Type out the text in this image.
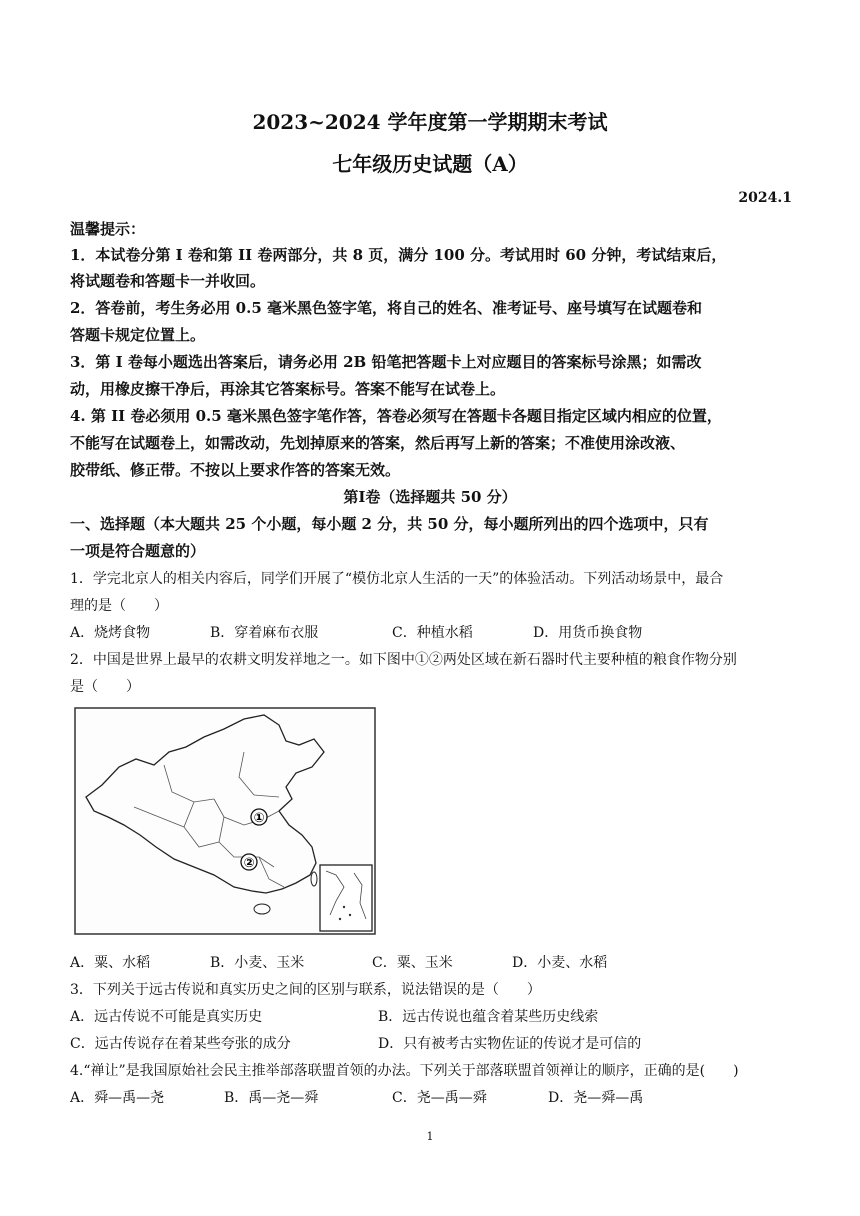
2023~2024 学年度第一学期期末考试
七年级历史试题（A）
2024.1
温馨提示：
1．本试卷分第 I 卷和第 II 卷两部分，共 8 页，满分 100 分。考试用时 60 分钟，考试结束后，
将试题卷和答题卡一并收回。
2．答卷前，考生务必用 0.5 毫米黑色签字笔，将自己的姓名、准考证号、座号填写在试题卷和
答题卡规定位置上。
3．第 I 卷每小题选出答案后，请务必用 2B 铅笔把答题卡上对应题目的答案标号涂黑；如需改
动，用橡皮擦干净后，再涂其它答案标号。答案不能写在试卷上。
4. 第 II 卷必须用 0.5 毫米黑色签字笔作答，答卷必须写在答题卡各题目指定区域内相应的位置，
不能写在试题卷上，如需改动，先划掉原来的答案，然后再写上新的答案；不准使用涂改液、
胶带纸、修正带。不按以上要求作答的答案无效。
第Ⅰ卷（选择题共 50 分）
一、选择题（本大题共 25 个小题，每小题 2 分，共 50 分，每小题所列出的四个选项中，只有
一项是符合题意的）
1．学完北京人的相关内容后，同学们开展了“模仿北京人生活的一天”的体验活动。下列活动场景中，最合
理的是（　　）
A．烧烤食物	B．穿着麻布衣服	C．种植水稻	D．用货币换食物
2．中国是世界上最早的农耕文明发祥地之一。如下图中①②两处区域在新石器时代主要种植的粮食作物分别
是（　　）
①
②
A．粟、水稻	B．小麦、玉米	C．粟、玉米	D．小麦、水稻
3．下列关于远古传说和真实历史之间的区别与联系，说法错误的是（　　）
A．远古传说不可能是真实历史	B．远古传说也蕴含着某些历史线索
C．远古传说存在着某些夸张的成分	D．只有被考古实物佐证的传说才是可信的
4.“禅让”是我国原始社会民主推举部落联盟首领的办法。下列关于部落联盟首领禅让的顺序，正确的是(　　)
A．舜—禹—尧	B．禹—尧—舜	C．尧—禹—舜	D．尧—舜—禹
1
